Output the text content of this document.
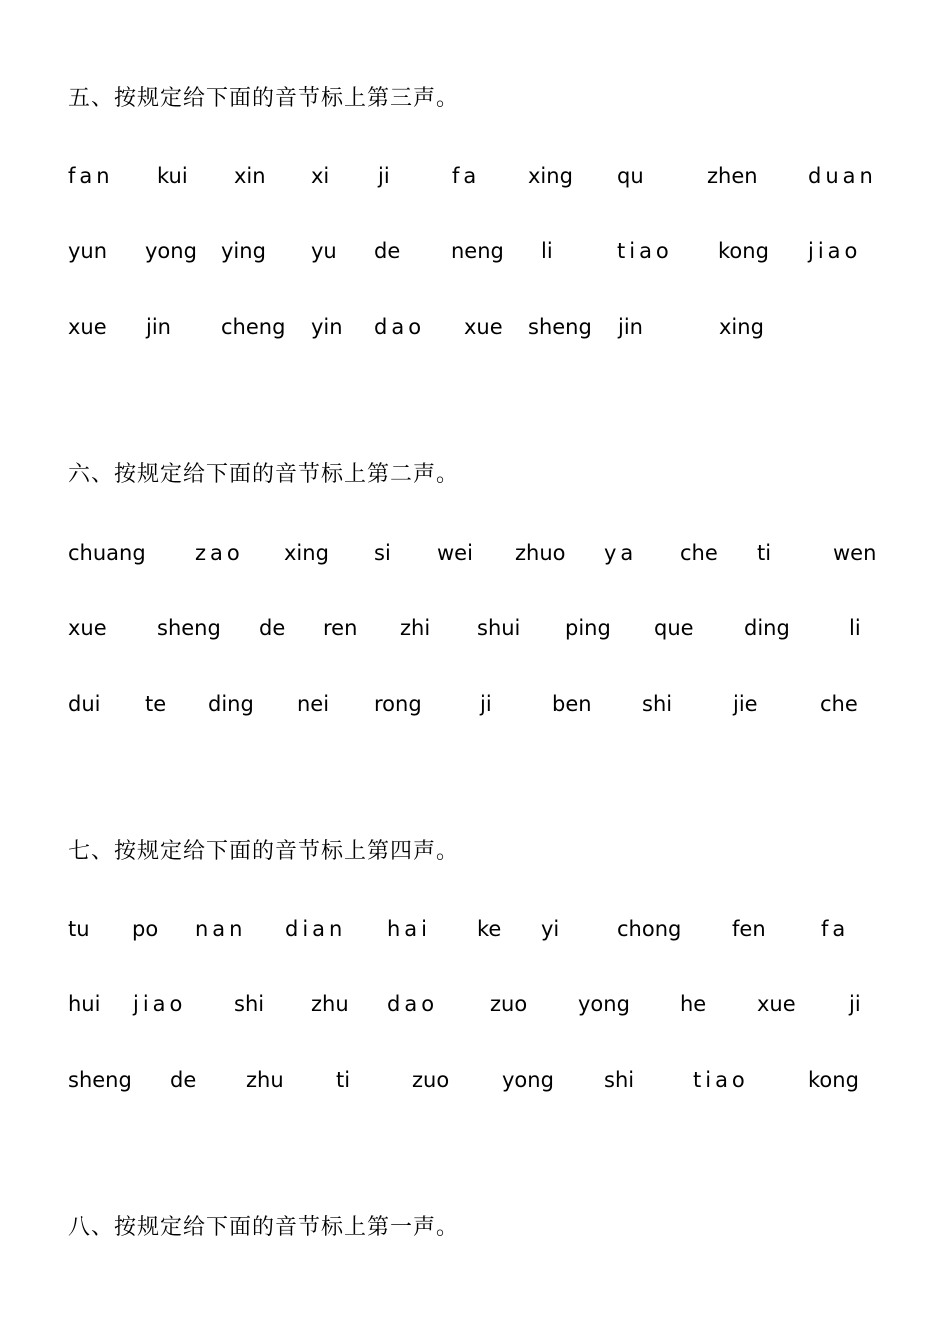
五、按规定给下面的音节标上第三声。
fan kui xin xi ji	fa xing qu	zhen duan
yun yong ying yu de neng li	tiao kong jiao
xue jin cheng yin dao xue sheng jin	xing
六、按规定给下面的音节标上第二声。
chuang zao xing si wei zhuo ya che ti	wen
xue sheng de ren zhi shui ping que ding	li
dui te ding nei rong	ji	ben shi	jie	che
七、按规定给下面的音节标上第四声。
tu po nan dian hai ke yi	chong fen	fa
hui jiao shi zhu dao zuo yong he xue	ji
sheng de zhu ti	zuo	yong shi	tiao	kong
八、按规定给下面的音节标上第一声。
